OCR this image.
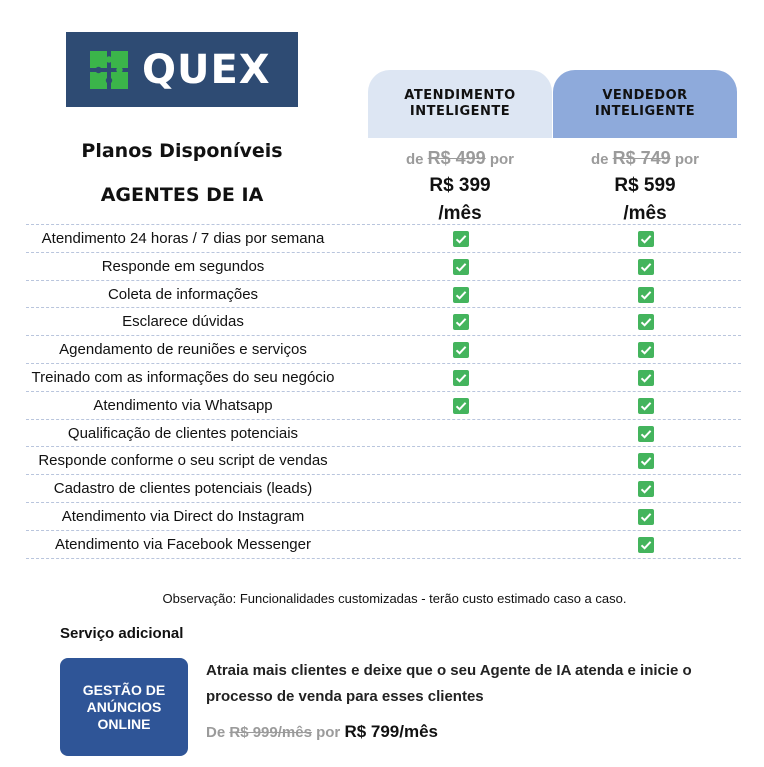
QUEX
ATENDIMENTO
INTELIGENTE
VENDEDOR
INTELIGENTE
Planos Disponíveis
AGENTES DE IA
de R$ 499 por	de R$ 749 por
R$ 399
/mês
R$ 599
/mês
Atendimento 24 horas / 7 dias por semana
Responde em segundos
Coleta de informações
Esclarece dúvidas
Agendamento de reuniões e serviços
Treinado com as informações do seu negócio
Atendimento via Whatsapp
Qualificação de clientes potenciais
Responde conforme o seu script de vendas
Cadastro de clientes potenciais (leads)
Atendimento via Direct do Instagram
Atendimento via Facebook Messenger
Observação: Funcionalidades customizadas - terão custo estimado caso a caso.
Serviço adicional
GESTÃO DE
ANÚNCIOS
ONLINE
Atraia mais clientes e deixe que o seu Agente de IA atenda e inicie o processo de venda para esses clientes
De R$ 999/mês por R$ 799/mês
